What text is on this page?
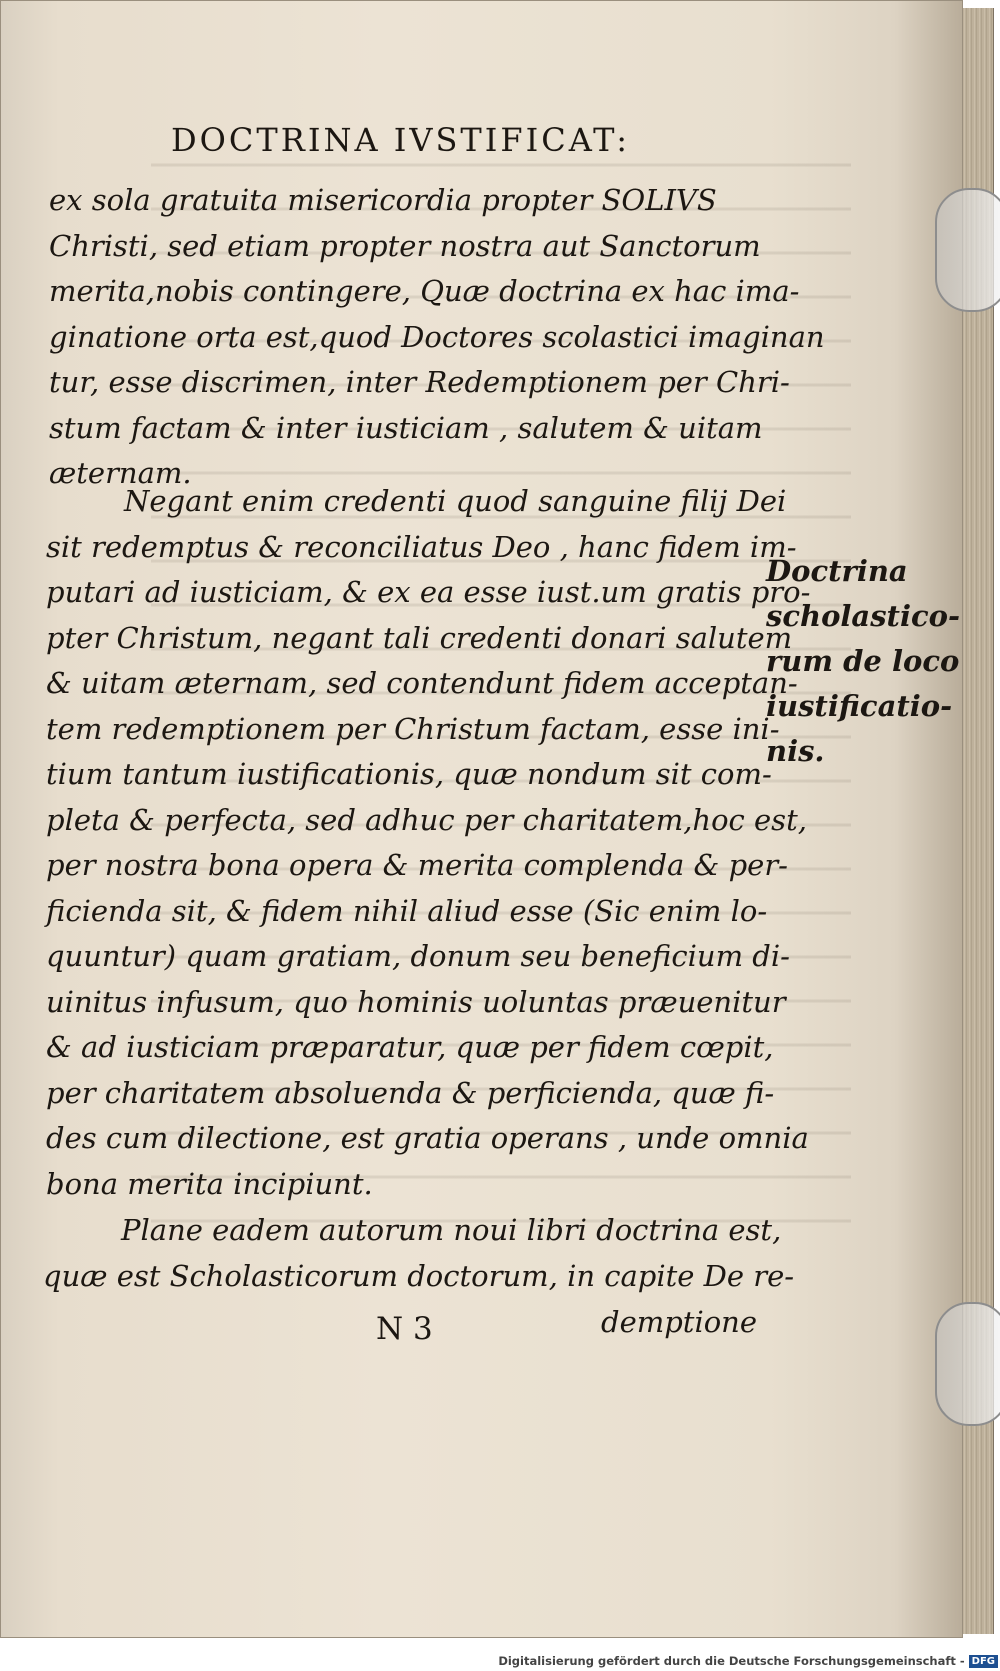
DOCTRINA IVSTIFICAT:
ex sola gratuita misericordia propter SOLIVS
Christi, sed etiam propter nostra aut Sanctorum
merita,nobis contingere, Quæ doctrina ex hac ima-
ginatione orta est,quod Doctores scolastici imaginan
tur, esse discrimen, inter Redemptionem per Chri-
stum factam & inter iusticiam , salutem & uitam
æternam.
Negant enim credenti quod sanguine filij Dei
sit redemptus & reconciliatus Deo , hanc fidem im-
putari ad iusticiam, & ex ea esse iust.um gratis pro-
pter Christum, negant tali credenti donari salutem
& uitam æternam, sed contendunt fidem acceptan-
tem redemptionem per Christum factam, esse ini-
tium tantum iustificationis, quæ nondum sit com-
pleta & perfecta, sed adhuc per charitatem,hoc est,
per nostra bona opera & merita complenda & per-
ficienda sit, & fidem nihil aliud esse (Sic enim lo-
quuntur) quam gratiam, donum seu beneficium di-
uinitus infusum, quo hominis uoluntas præuenitur
& ad iusticiam præparatur, quæ per fidem cœpit,
per charitatem absoluenda & perficienda, quæ fi-
des cum dilectione, est gratia operans , unde omnia
bona merita incipiunt.
Doctrina
scholastico-
rum de loco
iustificatio-
nis.
Plane eadem autorum noui libri doctrina est,
quæ est Scholasticorum doctorum, in capite De re-
N 3	demptione
Digitalisierung gefördert durch die Deutsche Forschungsgemeinschaft - DFG
